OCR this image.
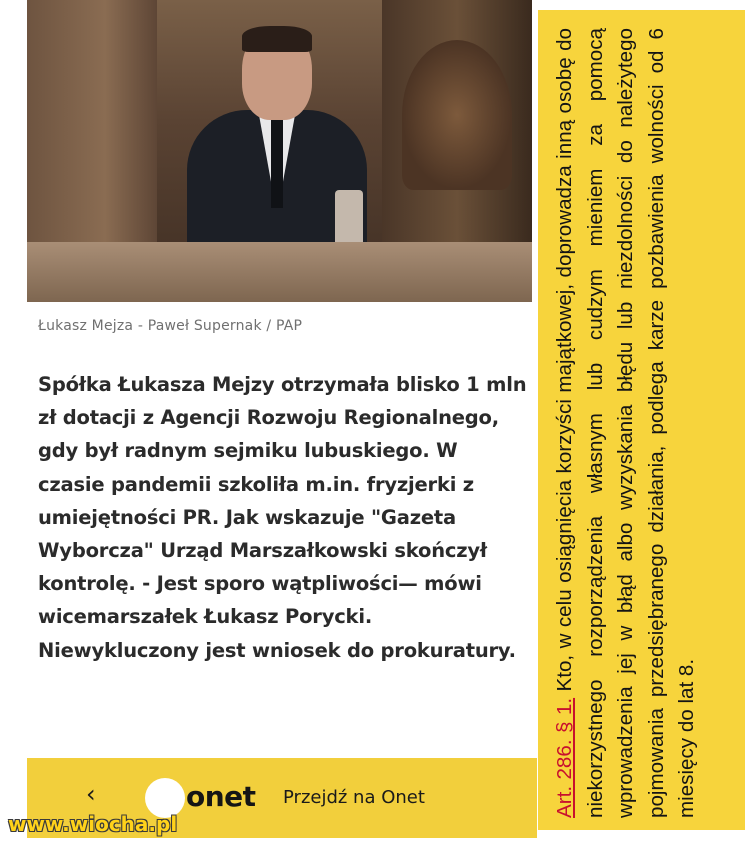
Łukasz Mejza - Paweł Supernak / PAP
Spółka Łukasza Mejzy otrzymała blisko 1 mln zł dotacji z Agencji Rozwoju Regionalnego, gdy był radnym sejmiku lubuskiego. W czasie pandemii szkoliła m.in. fryzjerki z umiejętności PR. Jak wskazuje "Gazeta Wyborcza" Urząd Marszałkowski skończył kontrolę. - Jest sporo wątpliwości— mówi wicemarszałek Łukasz Porycki. Niewykluczony jest wniosek do prokuratury.
‹	onet Przejdź na Onet
www.wiocha.pl
Art. 286. § 1. Kto, w celu osiągnięcia korzyści majątkowej, doprowadza inną osobę do niekorzystnego rozporządzenia własnym lub cudzym mieniem za pomocą wprowadzenia jej w błąd albo wyzyskania błędu lub niezdolności do należytego pojmowania przedsiębranego działania, podlega karze pozbawienia wolności od 6 miesięcy do lat 8.
